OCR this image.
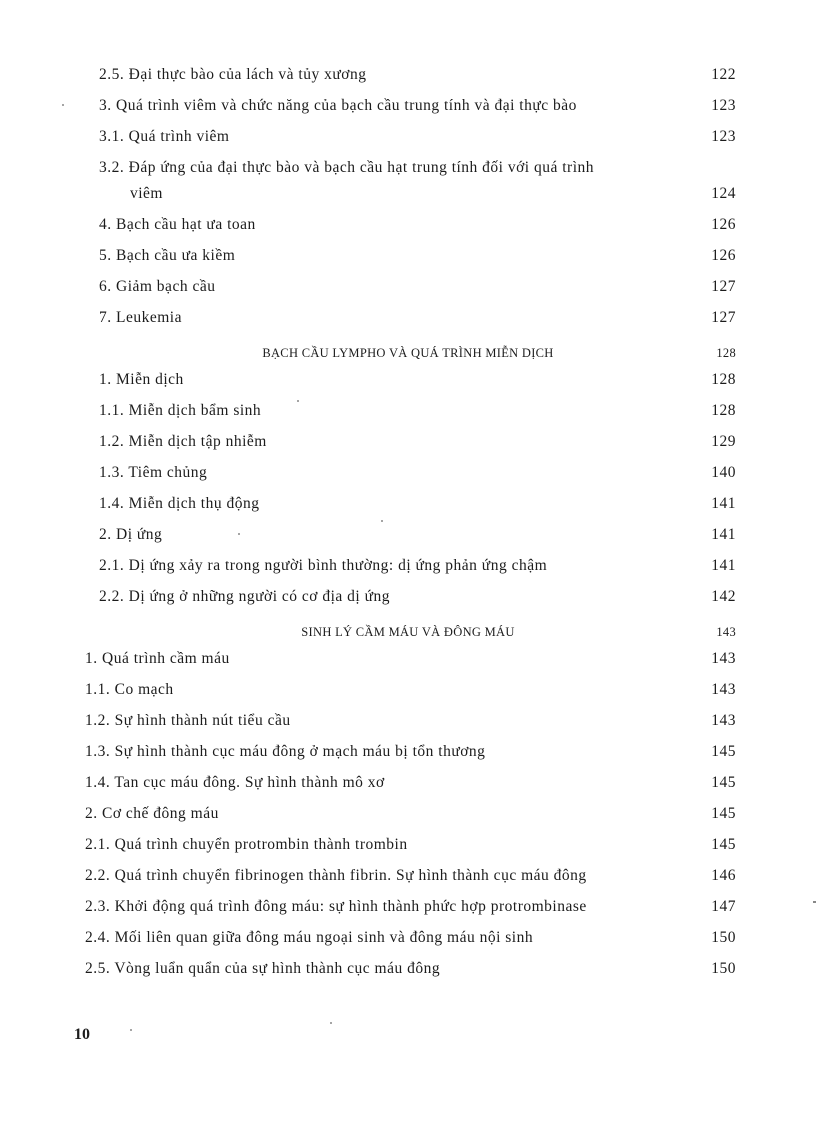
2.5. Đại thực bào của lách và tủy xương	122
3. Quá trình viêm và chức năng của bạch cầu trung tính và đại thực bào	123
3.1. Quá trình viêm	123
3.2. Đáp ứng của đại thực bào và bạch cầu hạt trung tính đối với quá trình
viêm	124
4. Bạch cầu hạt ưa toan	126
5. Bạch cầu ưa kiềm	126
6. Giảm bạch cầu	127
7. Leukemia	127
BẠCH CẦU LYMPHO VÀ QUÁ TRÌNH MIỄN DỊCH	128
1. Miễn dịch	128
1.1. Miễn dịch bẩm sinh	128
1.2. Miễn dịch tập nhiễm	129
1.3. Tiêm chủng	140
1.4. Miễn dịch thụ động	141
2. Dị ứng	141
2.1. Dị ứng xảy ra trong người bình thường: dị ứng phản ứng chậm	141
2.2. Dị ứng ở những người có cơ địa dị ứng	142
SINH LÝ CẦM MÁU VÀ ĐÔNG MÁU	143
1. Quá trình cầm máu	143
1.1. Co mạch	143
1.2. Sự hình thành nút tiểu cầu	143
1.3. Sự hình thành cục máu đông ở mạch máu bị tổn thương	145
1.4. Tan cục máu đông. Sự hình thành mô xơ	145
2. Cơ chế đông máu	145
2.1. Quá trình chuyển protrombin thành trombin	145
2.2. Quá trình chuyển fibrinogen thành fibrin. Sự hình thành cục máu đông	146
2.3. Khởi động quá trình đông máu: sự hình thành phức hợp protrombinase	147
2.4. Mối liên quan giữa đông máu ngoại sinh và đông máu nội sinh	150
2.5. Vòng luẩn quẩn của sự hình thành cục máu đông	150
10
